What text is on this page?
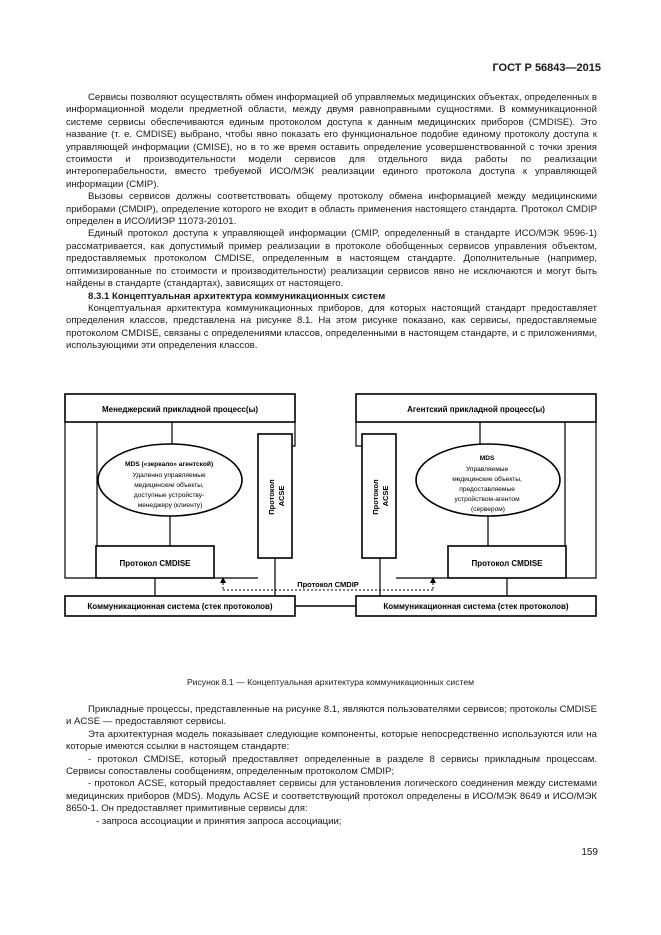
ГОСТ Р 56843—2015

Сервисы позволяют осуществлять обмен информацией об управляемых медицинских объектах, определенных в информационной модели предметной области, между двумя равноправными сущностями. В коммуникационной системе сервисы обеспечиваются единым протоколом доступа к данным медицинских приборов (CMDISE). Это название (т. е. CMDISE) выбрано, чтобы явно показать его функциональное подобие единому протоколу доступа к управляющей информации (CMISE), но в то же время оставить определение усовершенствованной с точки зрения стоимости и производительности модели сервисов для отдельного вида работы по реализации интероперабельности, вместо требуемой ИСО/МЭК реализации единого протокола доступа к управляющей информации (CMIP).

Вызовы сервисов должны соответствовать общему протоколу обмена информацией между медицинскими приборами (CMDIP), определение которого не входит в область применения настоящего стандарта. Протокол CMDIP определен в ИСО/ИИЭР 11073-20101.

Единый протокол доступа к управляющей информации (CMIP, определенный в стандарте ИСО/МЭК 9596-1) рассматривается, как допустимый пример реализации в протоколе обобщенных сервисов управления объектом, предоставляемых протоколом CMDISE, определенным в настоящем стандарте. Дополнительные (например, оптимизированные по стоимости и производительности) реализации сервисов явно не исключаются и могут быть найдены в стандарте (стандартах), зависящих от настоящего.

8.3.1 Концептуальная архитектура коммуникационных систем

Концептуальная архитектура коммуникационных приборов, для которых настоящий стандарт предоставляет определения классов, представлена на рисунке 8.1. На этом рисунке показано, как сервисы, предоставляемые протоколом CMDISE, связаны с определениями классов, определенными в настоящем стандарте, и с приложениями, использующими эти определения классов.

Менеджерский прикладной процесс(ы)
MDS («зеркало» агентской) Удаленно управляемые медицинские объекты, доступные устройству- менеджеру (клиенту)	Протокол ACSE
Протокол CMDISE
Коммуникационная система (стек протоколов)
Агентский прикладной процесс(ы)
Протокол ACSE
MDS Управляемые медицинские объекты, предоставляемые устройством-агентом (сервером)
Протокол CMDISE
Коммуникационная система (стек протоколов)
Протокол CMDIP
Рисунок 8.1 — Концептуальная архитектура коммуникационных систем

Прикладные процессы, представленные на рисунке 8.1, являются пользователями сервисов; протоколы CMDISE и ACSE — предоставляют сервисы.

Эта архитектурная модель показывает следующие компоненты, которые непосредственно используются или на которые имеются ссылки в настоящем стандарте:

- протокол CMDISE, который предоставляет определенные в разделе 8 сервисы прикладным процессам. Сервисы сопоставлены сообщениям, определенным протоколом CMDIP;

- протокол ACSE, который предоставляет сервисы для установления логического соединения между системами медицинских приборов (MDS). Модуль ACSE и соответствующий протокол определены в ИСО/МЭК 8649 и ИСО/МЭК 8650-1. Он предоставляет примитивные сервисы для:

- запроса ассоциации и принятия запроса ассоциации;

159
